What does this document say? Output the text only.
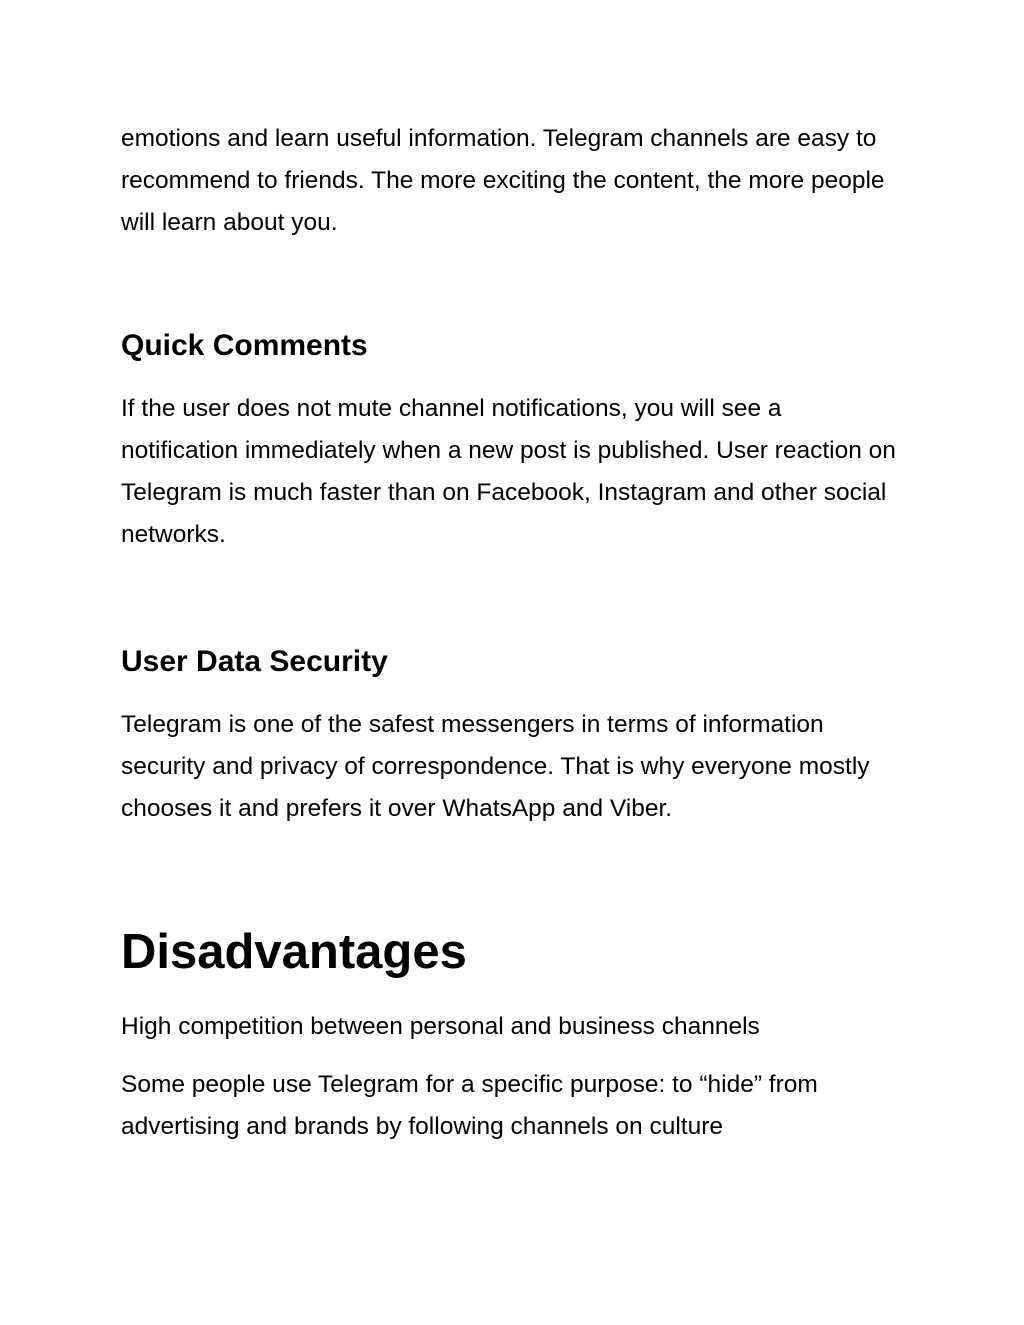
emotions and learn useful information. Telegram channels are easy to recommend to friends. The more exciting the content, the more people will learn about you.

Quick Comments

If the user does not mute channel notifications, you will see a notification immediately when a new post is published. User reaction on Telegram is much faster than on Facebook, Instagram and other social networks.

User Data Security

Telegram is one of the safest messengers in terms of information security and privacy of correspondence. That is why everyone mostly chooses it and prefers it over WhatsApp and Viber.

Disadvantages

High competition between personal and business channels

Some people use Telegram for a specific purpose: to “hide” from advertising and brands by following channels on culture
